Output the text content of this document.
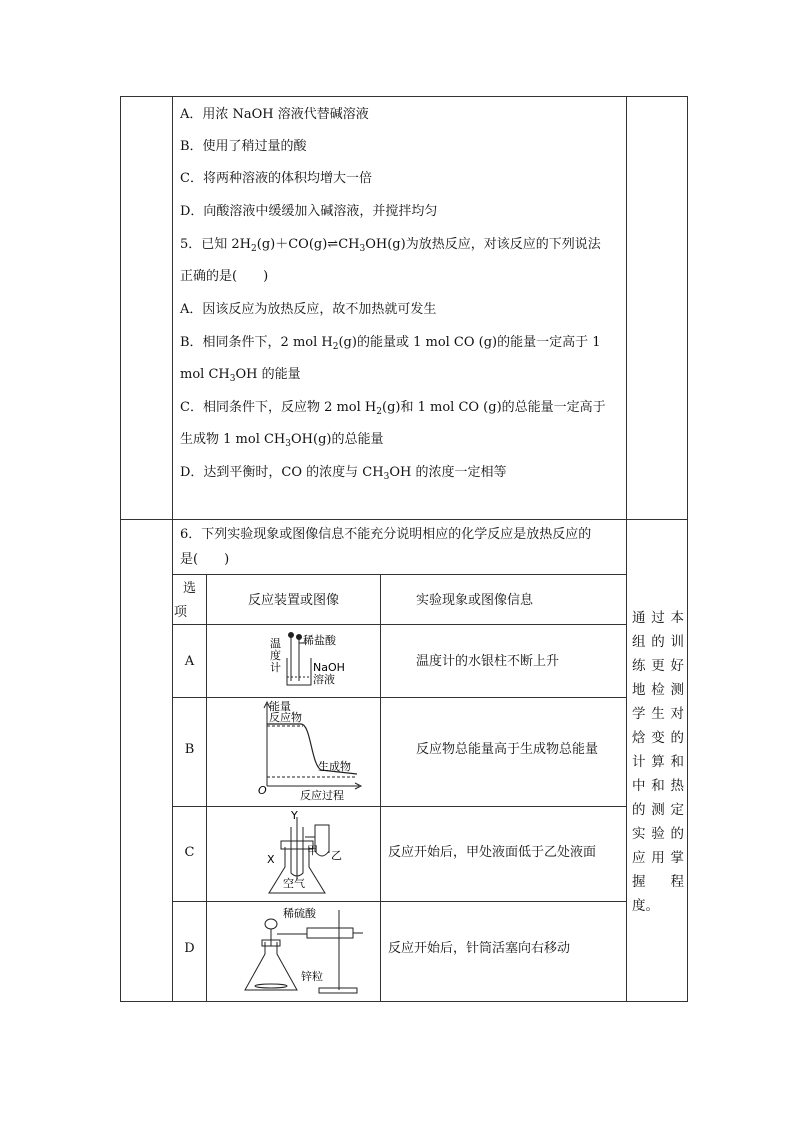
A．用浓 NaOH 溶液代替碱溶液
B．使用了稍过量的酸
C．将两种溶液的体积均增大一倍
D．向酸溶液中缓缓加入碱溶液，并搅拌均匀
5．已知 $2H_2(g)+CO(g)\rightleftharpoons CH_3OH(g)$为放热反应，对该反应的下列说法
正确的是(　　)
A．因该反应为放热反应，故不加热就可发生
B．相同条件下，2 mol $H_2(g)$的能量或 1 mol CO (g)的能量一定高于 1
mol $CH_3OH$ 的能量
C．相同条件下，反应物 2 mol $H_2(g)$和 1 mol CO (g)的总能量一定高于
生成物 1 mol $CH_3OH(g)$的总能量
D．达到平衡时，CO 的浓度与 $CH_3OH$ 的浓度一定相等
6．下列实验现象或图像信息不能充分说明相应的化学反应是放热反应的
是(　　)
选
项
反应装置或图像	实验现象或图像信息
A	温度计的水银柱不断上升
温
度
计
稀盐酸
NaOH
溶液
B	反应物总能量高于生成物总能量
能量
反应物
生成物
O	反应过程
C	反应开始后，甲处液面低于乙处液面
Y
X
甲 乙
空气
D	反应开始后，针筒活塞向右移动
稀硫酸
锌粒
通过本
组的训
练更好
地检测
学生对
焓变的
计算和
中和热
的测定
实验的
应用掌
握　程
度。
